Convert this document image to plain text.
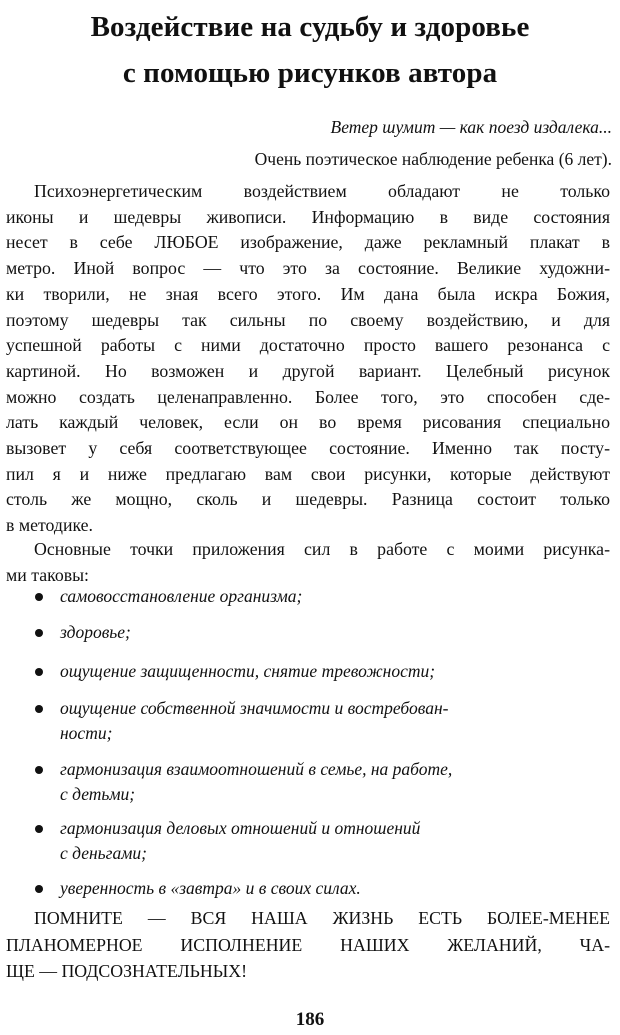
Воздействие на судьбу и здоровье
с помощью рисунков автора
Ветер шумит — как поезд издалека...
Очень поэтическое наблюдение ребенка (6 лет).
Психоэнергетическим воздействием обладают не только
иконы и шедевры живописи. Информацию в виде состояния
несет в себе ЛЮБОЕ изображение, даже рекламный плакат в
метро. Иной вопрос — что это за состояние. Великие художни-
ки творили, не зная всего этого. Им дана была искра Божия,
поэтому шедевры так сильны по своему воздействию, и для
успешной работы с ними достаточно просто вашего резонанса с
картиной. Но возможен и другой вариант. Целебный рисунок
можно создать целенаправленно. Более того, это способен сде-
лать каждый человек, если он во время рисования специально
вызовет у себя соответствующее состояние. Именно так посту-
пил я и ниже предлагаю вам свои рисунки, которые действуют
столь же мощно, сколь и шедевры. Разница состоит только
в методике.
Основные точки приложения сил в работе с моими рисунка-
ми таковы:
самовосстановление организма;
здоровье;
ощущение защищенности, снятие тревожности;
ощущение собственной значимости и востребован-
ности;
гармонизация взаимоотношений в семье, на работе,
с детьми;
гармонизация деловых отношений и отношений
с деньгами;
уверенность в «завтра» и в своих силах.
ПОМНИТЕ — ВСЯ НАША ЖИЗНЬ ЕСТЬ БОЛЕЕ-МЕНЕЕ
ПЛАНОМЕРНОЕ ИСПОЛНЕНИЕ НАШИХ ЖЕЛАНИЙ, ЧА-
ЩЕ — ПОДСОЗНАТЕЛЬНЫХ!
186
